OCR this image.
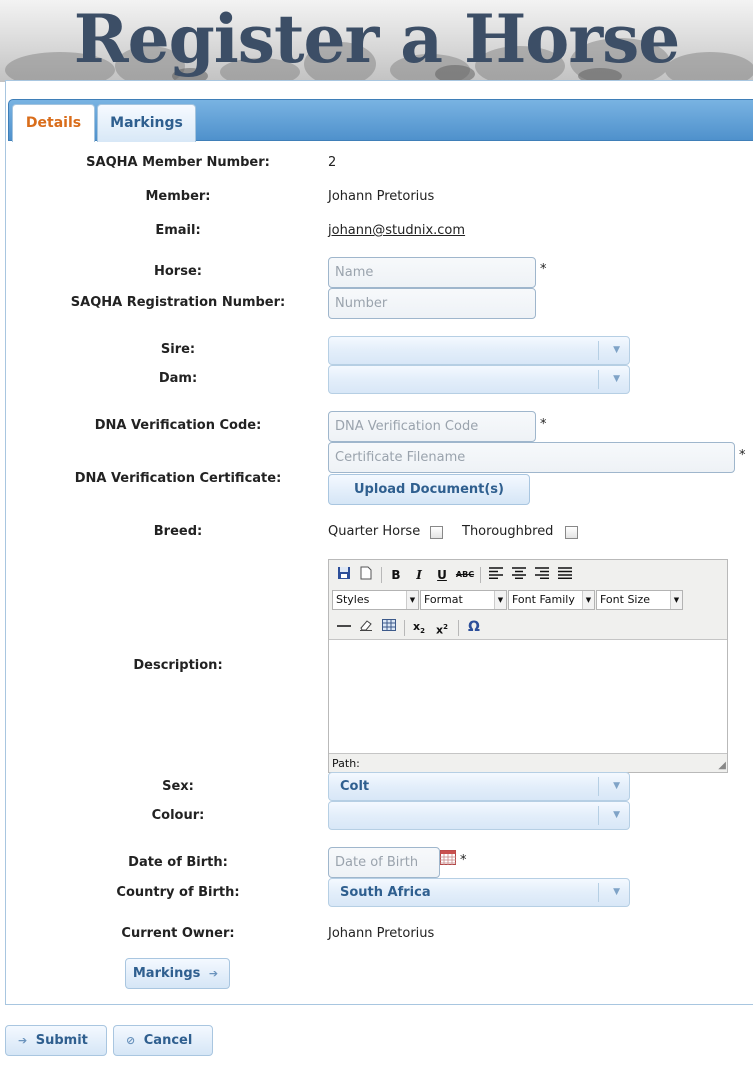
Register a Horse
Details	Markings
SAQHA Member Number:	2
Member:	Johann Pretorius
Email:	johann@studnix.com
Horse:
Name	*
SAQHA Registration Number:
Number
Sire:	▼
Dam:	▼
DNA Verification Code:
DNA Verification Code	*
DNA Verification Certificate:
Certificate Filename
*
Upload Document(s)
Breed:	Quarter Horse	Thoroughbred
Description:
B	I	U	ABC
Styles	▼ Format	▼ Font Family	▼ Font Size	▼
$x_2$	$x^2$ Ω
Path:	◢
Sex:	Colt	▼
Colour:	▼
Date of Birth:
Date of Birth	*
Country of Birth:	South Africa	▼
Current Owner:	Johann Pretorius
Markings ➔
➔ Submit	⊘ Cancel
